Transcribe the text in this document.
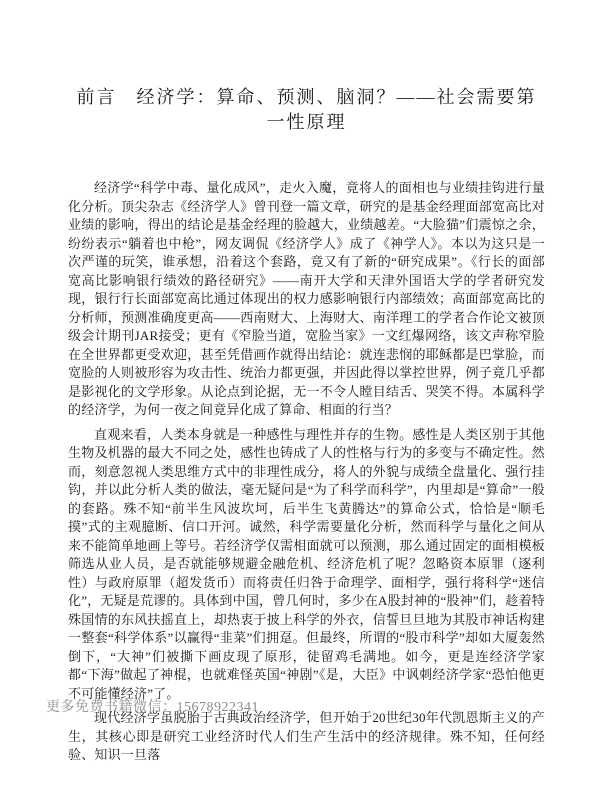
前言　经济学：算命、预测、脑洞？——社会需要第一性原理

经济学“科学中毒、量化成风”，走火入魔，竟将人的面相也与业绩挂钩进行量化分析。顶尖杂志《经济学人》曾刊登一篇文章，研究的是基金经理面部宽高比对业绩的影响，得出的结论是基金经理的脸越大，业绩越差。“大脸猫”们震惊之余，纷纷表示“躺着也中枪”，网友调侃《经济学人》成了《神学人》。本以为这只是一次严谨的玩笑，谁承想，沿着这个套路，竟又有了新的“研究成果”。《行长的面部宽高比影响银行绩效的路径研究》——南开大学和天津外国语大学的学者研究发现，银行行长面部宽高比通过体现出的权力感影响银行内部绩效；高面部宽高比的分析师，预测准确度更高——西南财大、上海财大、南洋理工的学者合作论文被顶级会计期刊JAR接受；更有《窄脸当道，宽脸当家》一文红爆网络，该文声称窄脸在全世界都更受欢迎，甚至凭借画作就得出结论：就连悲悯的耶稣都是巴掌脸，而宽脸的人则被形容为攻击性、统治力都更强，并因此得以掌控世界，例子竟几乎都是影视化的文学形象。从论点到论据，无一不令人瞠目结舌、哭笑不得。本属科学的经济学，为何一夜之间竟异化成了算命、相面的行当？

直观来看，人类本身就是一种感性与理性并存的生物。感性是人类区别于其他生物及机器的最大不同之处，感性也铸成了人的性格与行为的多变与不确定性。然而，刻意忽视人类思维方式中的非理性成分，将人的外貌与成绩全盘量化、强行挂钩，并以此分析人类的做法，毫无疑问是“为了科学而科学”，内里却是“算命”一般的套路。殊不知“前半生风波坎坷，后半生飞黄腾达”的算命公式，恰恰是“顺毛摸”式的主观臆断、信口开河。诚然，科学需要量化分析，然而科学与量化之间从来不能简单地画上等号。若经济学仅需相面就可以预测，那么通过固定的面相模板筛选从业人员，是否就能够规避金融危机、经济危机了呢？忽略资本原罪（逐利性）与政府原罪（超发货币）而将责任归咎于命理学、面相学，强行将科学“迷信化”，无疑是荒谬的。具体到中国，曾几何时，多少在A股封神的“股神”们，趁着特殊国情的东风扶摇直上，却热衷于披上科学的外衣，信誓旦旦地为其股市神话构建一整套“科学体系”以赢得“韭菜”们拥趸。但最终，所谓的“股市科学”却如大厦轰然倒下，“大神”们被撕下画皮现了原形，徒留鸡毛满地。如今，更是连经济学家都“下海”做起了神棍，也就难怪英国“神剧”《是，大臣》中讽刺经济学家“恐怕他更不可能懂经济”了。

现代经济学虽脱胎于古典政治经济学，但开始于20世纪30年代凯恩斯主义的产生，其核心即是研究工业经济时代人们生产生活中的经济规律。殊不知，任何经验、知识一旦落

更多免费书籍微信：15678922341
